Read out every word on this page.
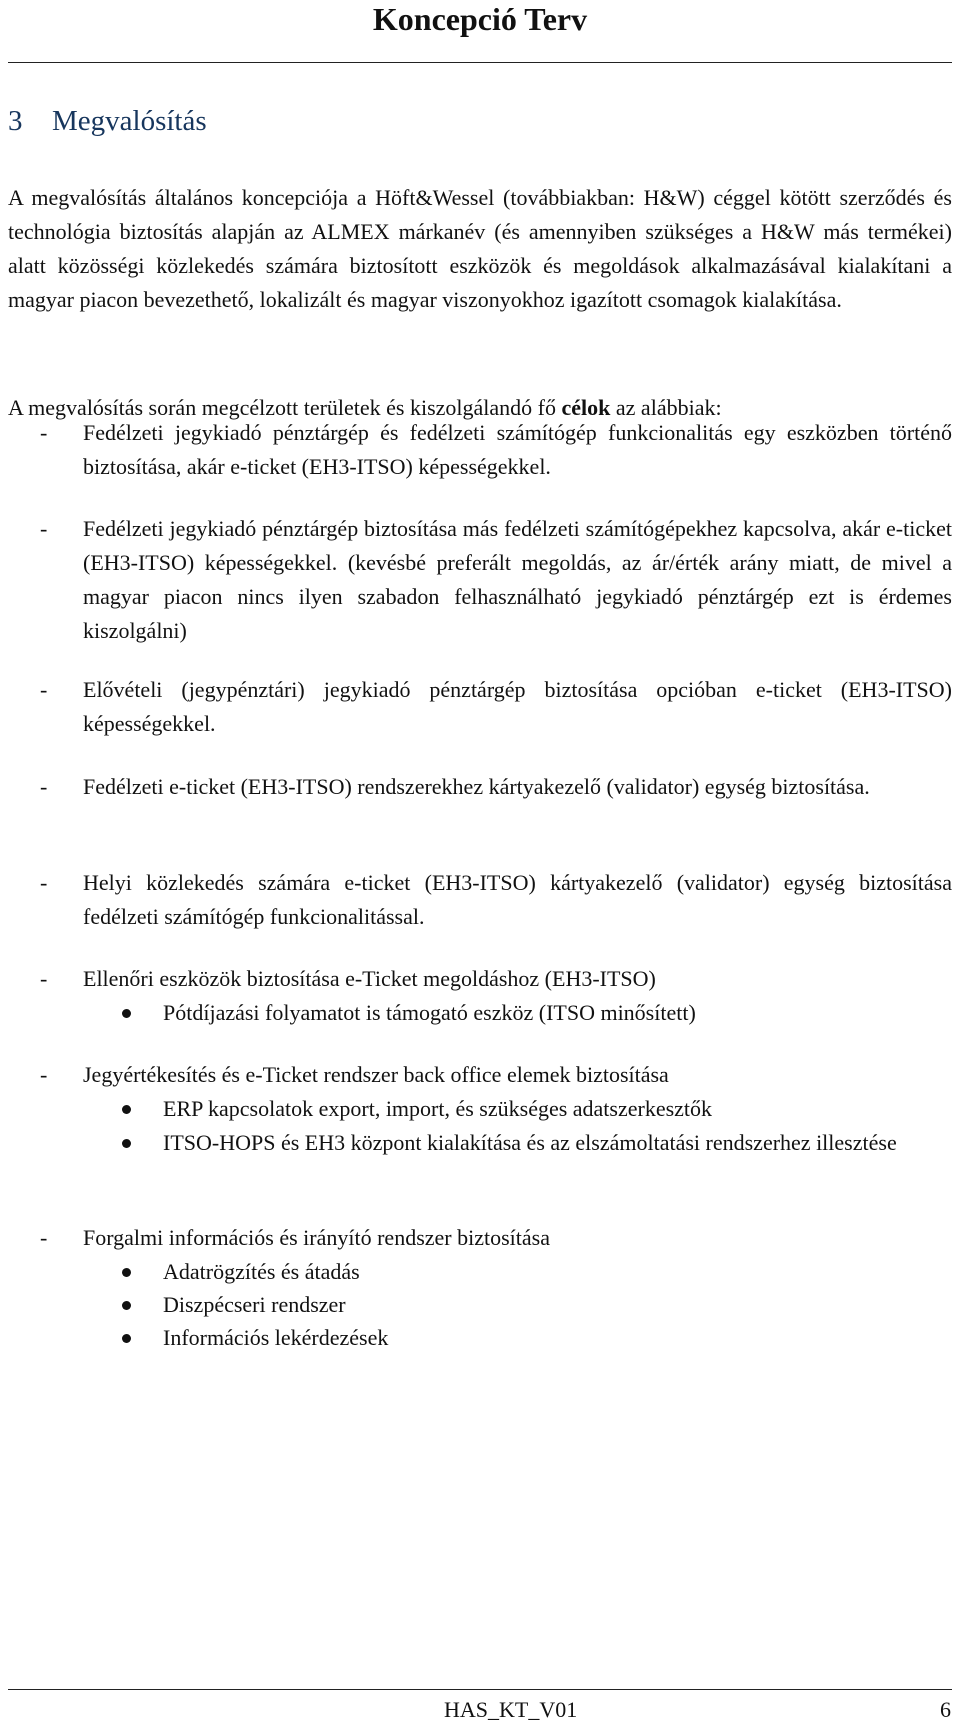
Koncepció Terv
3 Megvalósítás

A megvalósítás általános koncepciója a Höft&Wessel (továbbiakban: H&W) céggel kötött szerződés és technológia biztosítás alapján az ALMEX márkanév (és amennyiben szükséges a H&W más termékei) alatt közösségi közlekedés számára biztosított eszközök és megoldások alkalmazásával kialakítani a magyar piacon bevezethető, lokalizált és magyar viszonyokhoz igazított csomagok kialakítása.

A megvalósítás során megcélzott területek és kiszolgálandó fő célok az alábbiak:

- Fedélzeti jegykiadó pénztárgép és fedélzeti számítógép funkcionalitás egy eszközben történő biztosítása, akár e-ticket (EH3-ITSO) képességekkel.
- Fedélzeti jegykiadó pénztárgép biztosítása más fedélzeti számítógépekhez kapcsolva, akár e-ticket (EH3-ITSO) képességekkel. (kevésbé preferált megoldás, az ár/érték arány miatt, de mivel a magyar piacon nincs ilyen szabadon felhasználható jegykiadó pénztárgép ezt is érdemes kiszolgálni)
- Elővételi (jegypénztári) jegykiadó pénztárgép biztosítása opcióban e-ticket (EH3-ITSO) képességekkel.
- Fedélzeti e-ticket (EH3-ITSO) rendszerekhez kártyakezelő (validator) egység biztosítása.
- Helyi közlekedés számára e-ticket (EH3-ITSO) kártyakezelő (validator) egység biztosítása fedélzeti számítógép funkcionalitással.
- Ellenőri eszközök biztosítása e-Ticket megoldáshoz (EH3-ITSO)
Pótdíjazási folyamatot is támogató eszköz (ITSO minősített)
- Jegyértékesítés és e-Ticket rendszer back office elemek biztosítása
ERP kapcsolatok export, import, és szükséges adatszerkesztők
ITSO-HOPS és EH3 központ kialakítása és az elszámoltatási rendszerhez illesztése
- Forgalmi információs és irányító rendszer biztosítása
Adatrögzítés és átadás
Diszpécseri rendszer
Információs lekérdezések
HAS_KT_V01	6
